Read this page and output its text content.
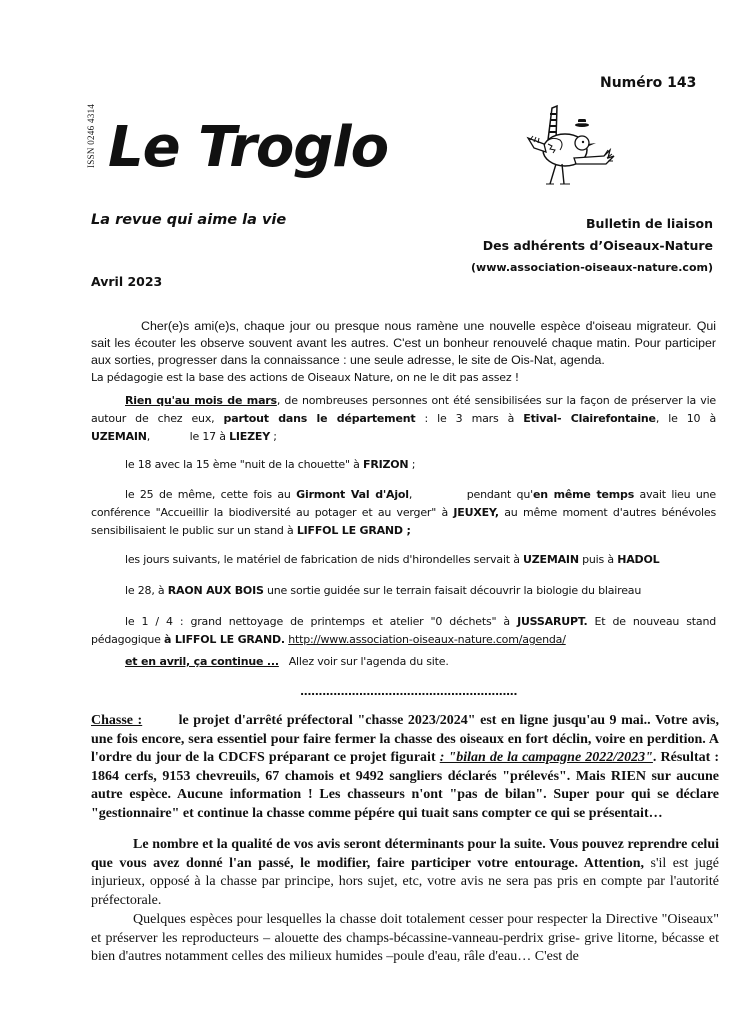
Numéro 143
ISSN 0246 4314 Le Troglo
La revue qui aime la vie	Bulletin de liaison
Des adhérents d’Oiseaux-Nature
(www.association-oiseaux-nature.com)
Avril 2023
Cher(e)s ami(e)s, chaque jour ou presque nous ramène une nouvelle espèce d'oiseau migrateur. Qui sait les écouter les observe souvent avant les autres. C'est un bonheur renouvelé chaque matin. Pour participer aux sorties, progresser dans la connaissance : une seule adresse, le site de Ois-Nat, agenda.
La pédagogie est la base des actions de Oiseaux Nature, on ne le dit pas assez !
Rien qu'au mois de mars, de nombreuses personnes ont été sensibilisées sur la façon de préserver la vie autour de chez eux, partout dans le département : le 3 mars à Etival- Clairefontaine, le 10 à UZEMAIN,            le 17 à LIEZEY ;
le 18 avec la 15 ème "nuit de la chouette" à FRIZON ;
le 25 de même, cette fois au Girmont Val d'Ajol,          pendant qu'en même temps avait lieu une conférence "Accueillir la biodiversité au potager et au verger" à JEUXEY, au même moment d'autres bénévoles sensibilisaient le public sur un stand à LIFFOL LE GRAND ;
les jours suivants, le matériel de fabrication de nids d'hirondelles servait à UZEMAIN puis à HADOL
le 28, à RAON AUX BOIS une sortie guidée sur le terrain faisait découvrir la biologie du blaireau
le 1 / 4 : grand nettoyage de printemps et atelier "0 déchets" à JUSSARUPT. Et de nouveau stand pédagogique à LIFFOL LE GRAND. http://www.association-oiseaux-nature.com/agenda/
et en avril, ça continue ...   Allez voir sur l'agenda du site.
...........................................................
Chasse :	le projet d'arrêté préfectoral "chasse 2023/2024" est en ligne jusqu'au 9 mai.. Votre avis, une fois encore, sera essentiel pour faire fermer la chasse des oiseaux en fort déclin, voire en perdition. A l'ordre du jour de la CDCFS préparant ce projet figurait : "bilan de la campagne 2022/2023". Résultat : 1864 cerfs, 9153 chevreuils, 67 chamois et 9492 sangliers déclarés "prélevés". Mais RIEN sur aucune autre espèce. Aucune information ! Les chasseurs n'ont "pas de bilan". Super pour qui se déclare "gestionnaire" et continue la chasse comme pépére qui tuait sans compter ce qui se présentait…
Le nombre et la qualité de vos avis seront déterminants pour la suite. Vous pouvez reprendre celui que vous avez donné l'an passé, le modifier, faire participer votre entourage. Attention, s'il est jugé injurieux, opposé à la chasse par principe, hors sujet, etc, votre avis ne sera pas pris en compte par l'autorité préfectorale.
Quelques espèces pour lesquelles la chasse doit totalement cesser pour respecter la Directive "Oiseaux" et préserver les reproducteurs – alouette des champs-bécassine-vanneau-perdrix grise- grive litorne, bécasse et bien d'autres notamment celles des milieux humides –poule d'eau, râle d'eau… C'est de
